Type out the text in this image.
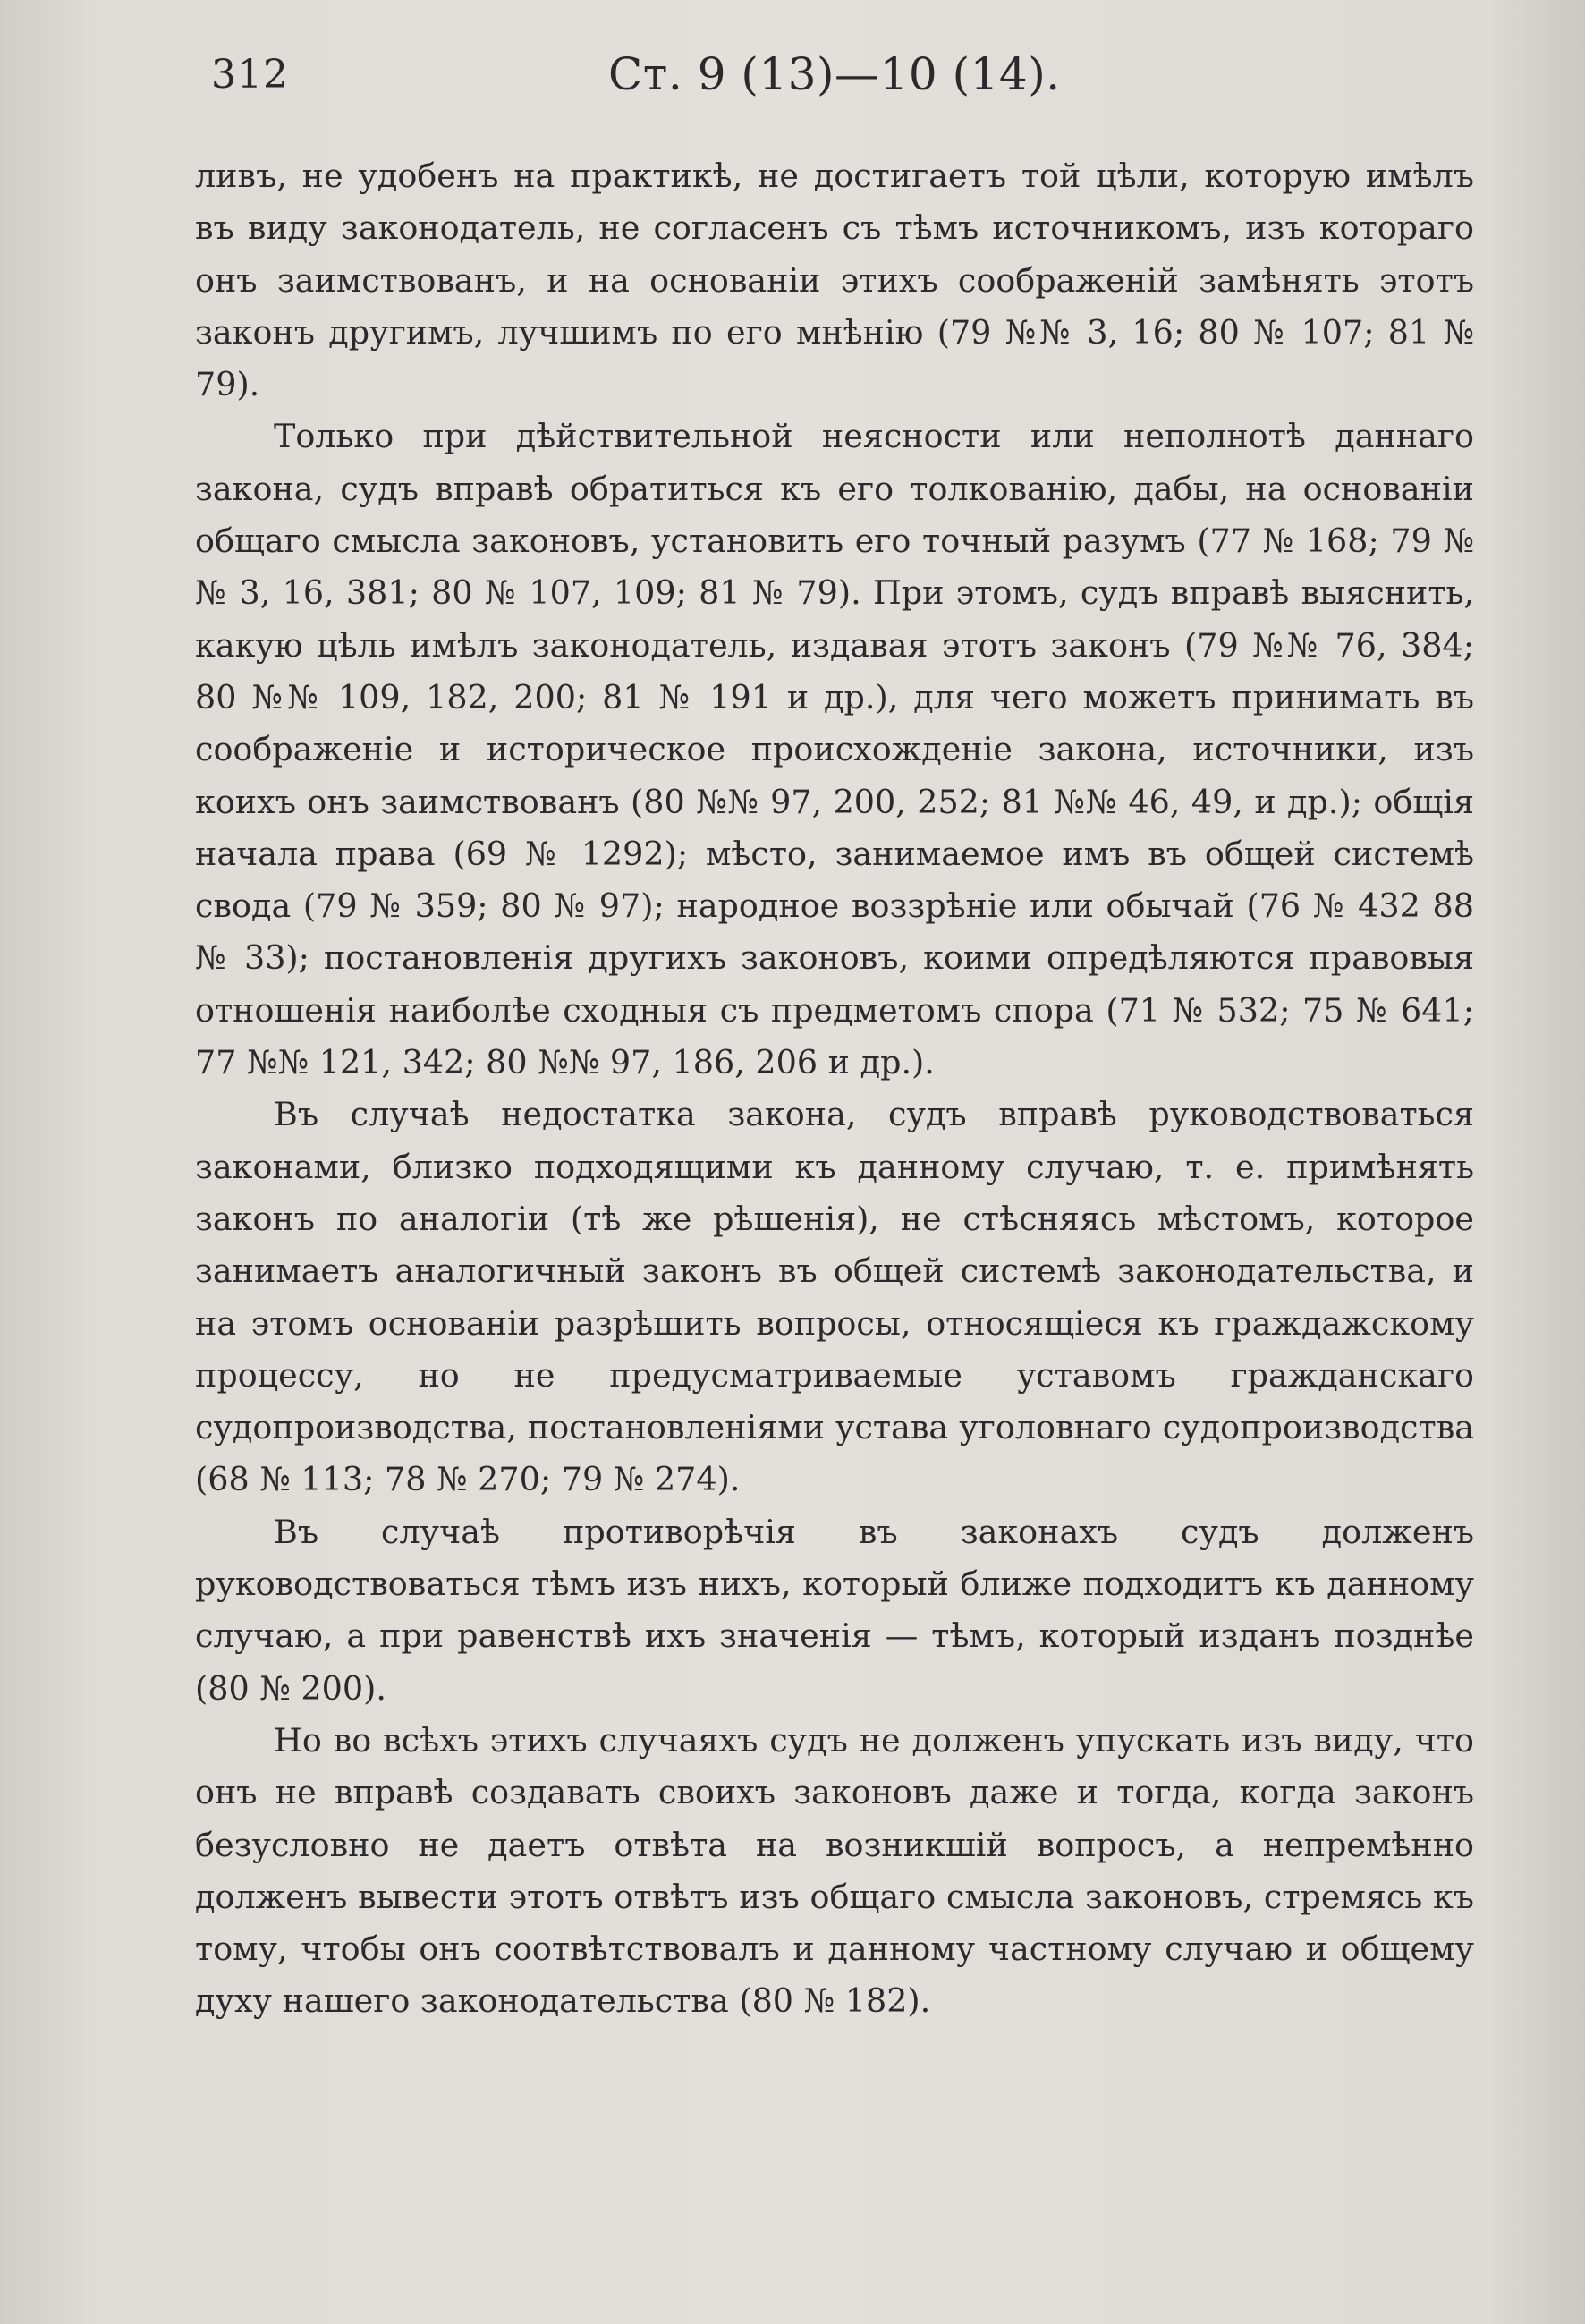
312	Ст. 9 (13)—10 (14).

ливъ, не удобенъ на практикѣ, не достигаетъ той цѣли, которую имѣлъ въ виду законодатель, не согласенъ съ тѣмъ источникомъ, изъ котораго онъ заимствованъ, и на основанiи этихъ соображенiй замѣнять этотъ законъ другимъ, лучшимъ по его мнѣнiю (79 №№ 3, 16; 80 № 107; 81 № 79).

Только при дѣйствительной неясности или неполнотѣ даннаго закона, судъ вправѣ обратиться къ его толкованiю, дабы, на основанiи общаго смысла законовъ, установить его точный разумъ (77 № 168; 79 №№ 3, 16, 381; 80 № 107, 109; 81 № 79). При этомъ, судъ вправѣ выяснить, какую цѣль имѣлъ законодатель, издавая этотъ законъ (79 №№ 76, 384; 80 №№ 109, 182, 200; 81 № 191 и др.), для чего можетъ принимать въ соображенiе и историческое происхожденiе закона, источники, изъ коихъ онъ заимствованъ (80 №№ 97, 200, 252; 81 №№ 46, 49, и др.); общiя начала права (69 № 1292); мѣсто, занимаемое имъ въ общей системѣ свода (79 № 359; 80 № 97); народное воззрѣнiе или обычай (76 № 432 88 № 33); постановленiя другихъ законовъ, коими опредѣляются правовыя отношенiя наиболѣе сходныя съ предметомъ спора (71 № 532; 75 № 641; 77 №№ 121, 342; 80 №№ 97, 186, 206 и др.).

Въ случаѣ недостатка закона, судъ вправѣ руководствоваться законами, близко подходящими къ данному случаю, т. е. примѣнять законъ по аналогiи (тѣ же рѣшенiя), не стѣсняясь мѣстомъ, которое занимаетъ аналогичный законъ въ общей системѣ законодательства, и на этомъ основанiи разрѣшить вопросы, относящiеся къ граждажскому процессу, но не предусматриваемые уставомъ гражданскаго судопроизводства, постановленiями устава уголовнаго судопроизводства (68 № 113; 78 № 270; 79 № 274).

Въ случаѣ противорѣчiя въ законахъ судъ долженъ руководствоваться тѣмъ изъ нихъ, который ближе подходитъ къ данному случаю, а при равенствѣ ихъ значенiя — тѣмъ, который изданъ позднѣе (80 № 200).

Но во всѣхъ этихъ случаяхъ судъ не долженъ упускать изъ виду, что онъ не вправѣ создавать своихъ законовъ даже и тогда, когда законъ безусловно не даетъ отвѣта на возникшiй вопросъ, а непремѣнно долженъ вывести этотъ отвѣтъ изъ общаго смысла законовъ, стремясь къ тому, чтобы онъ соотвѣтствовалъ и данному частному случаю и общему духу нашего законодательства (80 № 182).
